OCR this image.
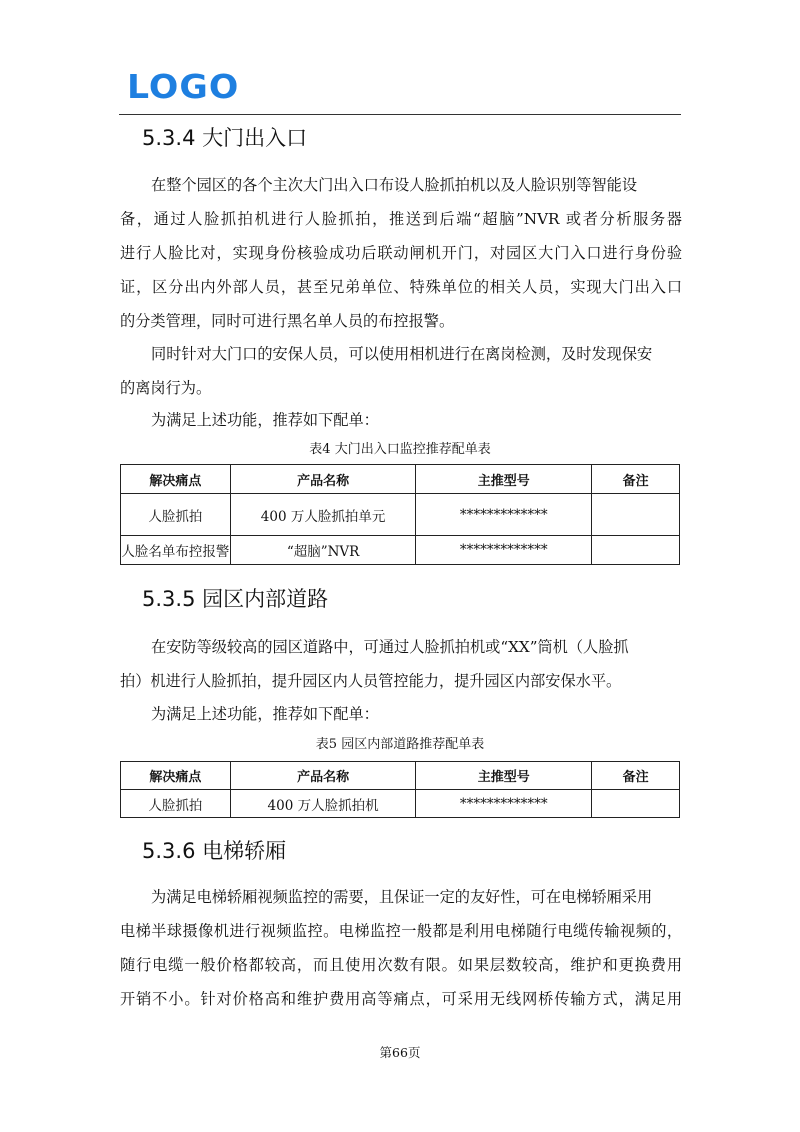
LOGO
5.3.4 大门出入口
在整个园区的各个主次大门出入口布设人脸抓拍机以及人脸识别等智能设
备，通过人脸抓拍机进行人脸抓拍，推送到后端“超脑”NVR 或者分析服务器
进行人脸比对，实现身份核验成功后联动闸机开门，对园区大门入口进行身份验
证，区分出内外部人员，甚至兄弟单位、特殊单位的相关人员，实现大门出入口
的分类管理，同时可进行黑名单人员的布控报警。
同时针对大门口的安保人员，可以使用相机进行在离岗检测，及时发现保安
的离岗行为。
为满足上述功能，推荐如下配单：
表4 大门出入口监控推荐配单表
解决痛点	产品名称	主推型号	备注
人脸抓拍	400 万人脸抓拍单元	*************	
人脸名单布控报警	“超脑”NVR	*************	
5.3.5 园区内部道路
在安防等级较高的园区道路中，可通过人脸抓拍机或“XX”筒机（人脸抓
拍）机进行人脸抓拍，提升园区内人员管控能力，提升园区内部安保水平。
为满足上述功能，推荐如下配单：
表5 园区内部道路推荐配单表
解决痛点	产品名称	主推型号	备注
人脸抓拍	400 万人脸抓拍机	*************	
5.3.6 电梯轿厢
为满足电梯轿厢视频监控的需要，且保证一定的友好性，可在电梯轿厢采用
电梯半球摄像机进行视频监控。电梯监控一般都是利用电梯随行电缆传输视频的，
随行电缆一般价格都较高，而且使用次数有限。如果层数较高，维护和更换费用
开销不小。针对价格高和维护费用高等痛点，可采用无线网桥传输方式，满足用
第66页
